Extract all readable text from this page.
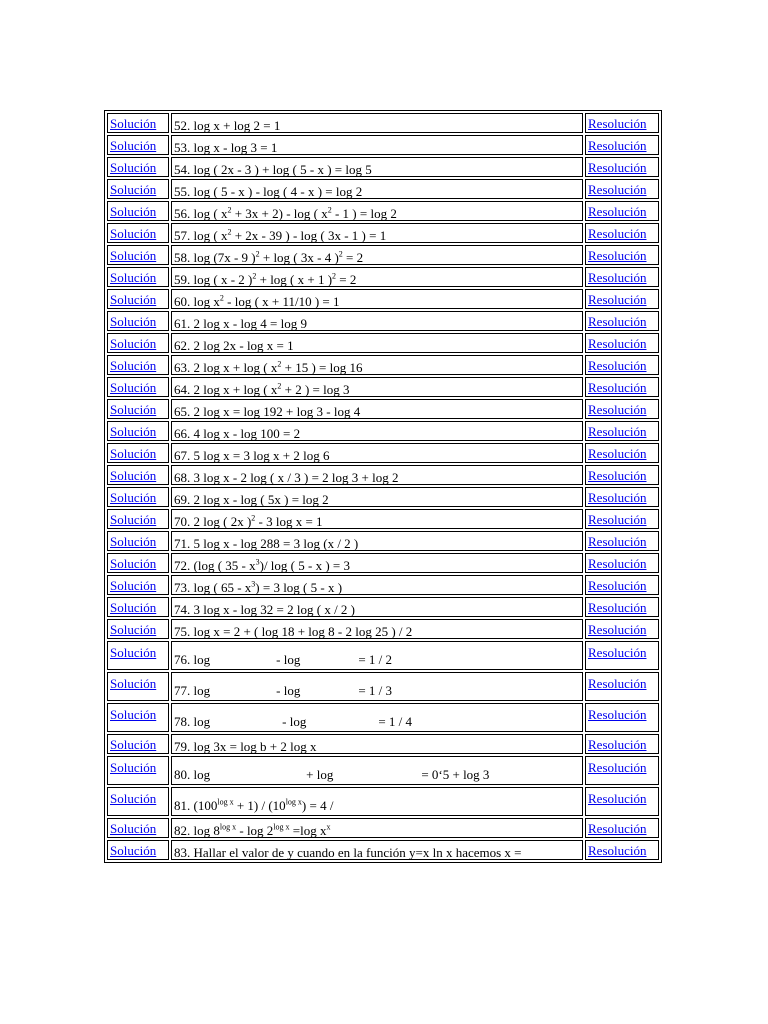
Solución	52. log x + log 2 = 1	Resolución
Solución	53. log x - log 3 = 1	Resolución
Solución	54. log ( 2x - 3 ) + log ( 5 - x ) = log 5	Resolución
Solución	55. log ( 5 - x ) - log ( 4 - x ) = log 2	Resolución
Solución	56. log ( $x^2 + 3x + 2) - \log$ ( $x^2 - 1$ ) = log 2	Resolución
Solución	57. log ( $x^2 + 2x - 39$ ) - log ( 3x - 1 ) = 1	Resolución
Solución	58. log (7x - 9 )$^2$ + log ( 3x - 4 )$^2$ = 2	Resolución
Solución	59. log ( x - 2 )$^2$ + log ( x + 1 )$^2$ = 2	Resolución
Solución	60. $\log x^2$ - log ( x + 11/10 ) = 1	Resolución
Solución	61. 2 log x - log 4 = log 9	Resolución
Solución	62. 2 log 2x - log x = 1	Resolución
Solución	63. 2 log x + log ( $x^2 + 15$ ) = log 16	Resolución
Solución	64. 2 log x + log ( $x^2 + 2$ ) = log 3	Resolución
Solución	65. 2 log x = log 192 + log 3 - log 4	Resolución
Solución	66. 4 log x - log 100 = 2	Resolución
Solución	67. 5 log x = 3 log x + 2 log 6	Resolución
Solución	68. 3 log x - 2 log ( x / 3 ) = 2 log 3 + log 2	Resolución
Solución	69. 2 log x - log ( 5x ) = log 2	Resolución
Solución	70. 2 log ( 2x )$^2$ - 3 log x = 1	Resolución
Solución	71. 5 log x - log 288 = 3 log (x / 2 )	Resolución
Solución	72. (log ( $35 - x^3)/$ log ( 5 - x ) = 3	Resolución
Solución	73. log ( $65 - x^3) = 3$ log ( 5 - x )	Resolución
Solución	74. 3 log x - log 32 = 2 log ( x / 2 )	Resolución
Solución	75. log x = 2 + ( log 18 + log 8 - 2 log 25 ) / 2	Resolución
Solución	76. log - log = 1 / 2	Resolución
Solución	77. log - log = 1 / 3	Resolución
Solución	78. log - log = 1 / 4	Resolución
Solución	79. log 3x = log b + 2 log x	Resolución
Solución	80. log + log = 0‘5 + log 3	Resolución
Solución	81. $(100^{log x} + 1) / (10^{log x}) = 4$ /	Resolución
Solución	82. $\log 8^{log x} - \log 2^{log x} =\log$ $x^x$	Resolución
Solución	83. Hallar el valor de y cuando en la función y=x ln x hacemos x =	Resolución
